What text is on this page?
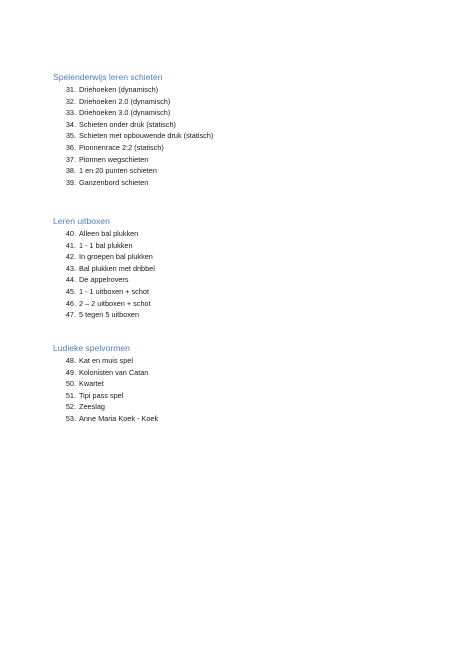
Spelenderwijs leren schieten
31. Driehoeken (dynamisch)
32. Driehoeken 2.0 (dynamisch)
33. Driehoeken 3.0 (dynamisch)
34. Schieten onder druk (statisch)
35. Schieten met opbouwende druk (statisch)
36. Pionnenrace 2:2 (statisch)
37. Pionnen wegschieten
38. 1 en 20 punten schieten
39. Ganzenbord schieten
Leren uitboxen
40. Alleen bal plukken
41. 1 - 1 bal plukken
42. In groepen bal plukken
43. Bal plukken met dribbel
44. De appelrovers
45. 1 - 1 uitboxen + schot
46. 2 – 2 uitboxen + schot
47. 5 tegen 5 uitboxen
Ludieke spelvormen
48. Kat en muis spel
49. Kolonisten van Catan
50. Kwartet
51. Tipi pass spel
52. Zeeslag
53. Anne Maria Koek - Koek
